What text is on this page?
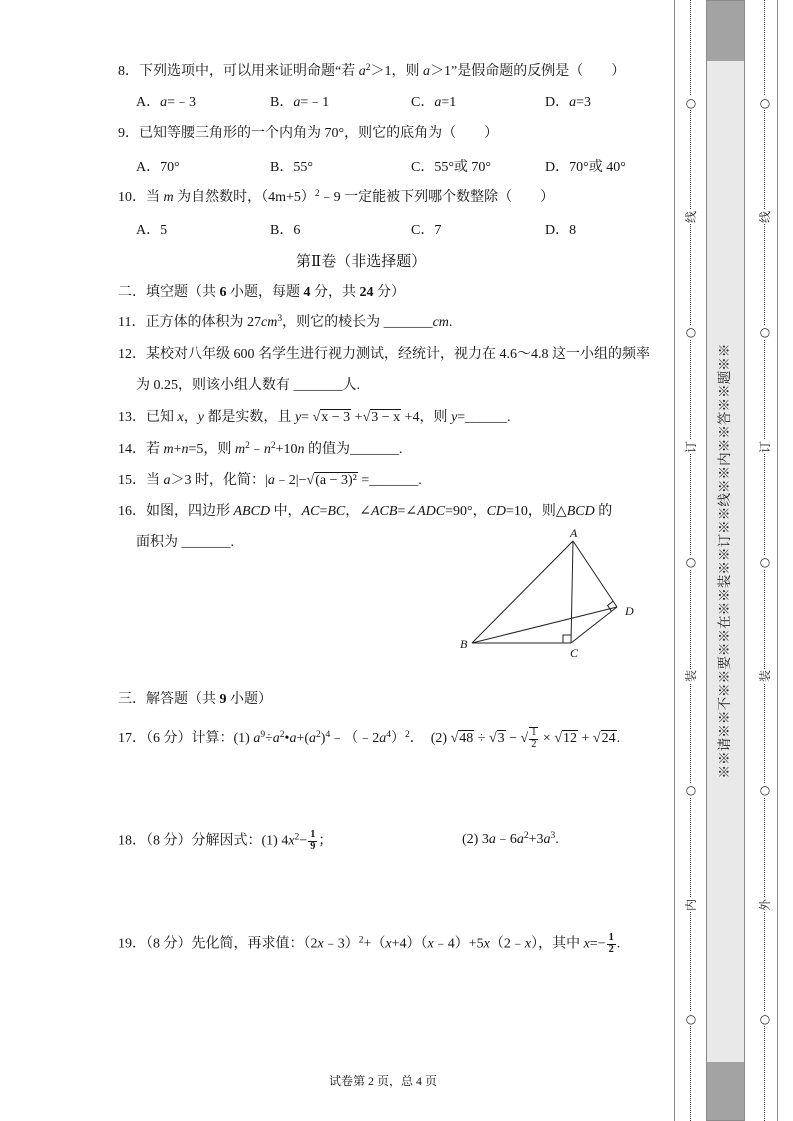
8．下列选项中，可以用来证明命题“若 $a^2>1$，则 a＞1”是假命题的反例是（　　）
A．a=﹣3	B．a=﹣1	C．a=1	D．a=3
9．已知等腰三角形的一个内角为 70°，则它的底角为（　　）
A．70°	B．55°	C．55°或 70°	D．70°或 40°
10．当 m 为自然数时，$(4m+5)^2﹣9$ 一定能被下列哪个数整除（　　）
A．5	B．6	C．7	D．8
第Ⅱ卷（非选择题）
二．填空题（共 6 小题，每题 4 分，共 24 分）
11．正方体的体积为 $27cm^3$，则它的棱长为 _______cm.
12．某校对八年级 600 名学生进行视力测试，经统计，视力在 4.6～4.8 这一小组的频率
为 0.25，则该小组人数有 _______人.
13．已知 x，y 都是实数，且 y= √x − 3 +√3 − x +4，则 y=______.
14．若 m+n=5，则 $m^2﹣n^2+10n$ 的值为_______.
15．当 a＞3 时，化简：|a﹣2|−√(a − 3)² =_______.
16．如图，四边形 ABCD 中，AC=BC，∠ACB=∠ADC=90°，CD=10，则△BCD 的
面积为 _______.
A
B
C
D
三．解答题（共 9 小题）
17．（6 分）计算：(1) $a^9\div a^2•a+(a^2)^4﹣(﹣2a^4)^2$．　(2) √48 ÷ √3 − √ $\frac{1}{2} \times √12 + √24$.
18．（8 分）分解因式：(1) $4x^2- \frac{1}{9}$ ；	(2) $3a﹣6a^2+3a^3$.
19．（8 分）先化简，再求值：（2x﹣3）$^2$+（x+4）（x﹣4）+5x（2﹣x），其中 $x=- \frac{1}{2}$ .
试卷第 2 页，总 4 页
○
线
○
订
○
装
○
内
○
※※请※※不※※要※※在※※装※※订※※线※※内※※答※※题※※
○
线
○
订
○
装
○
外
○
